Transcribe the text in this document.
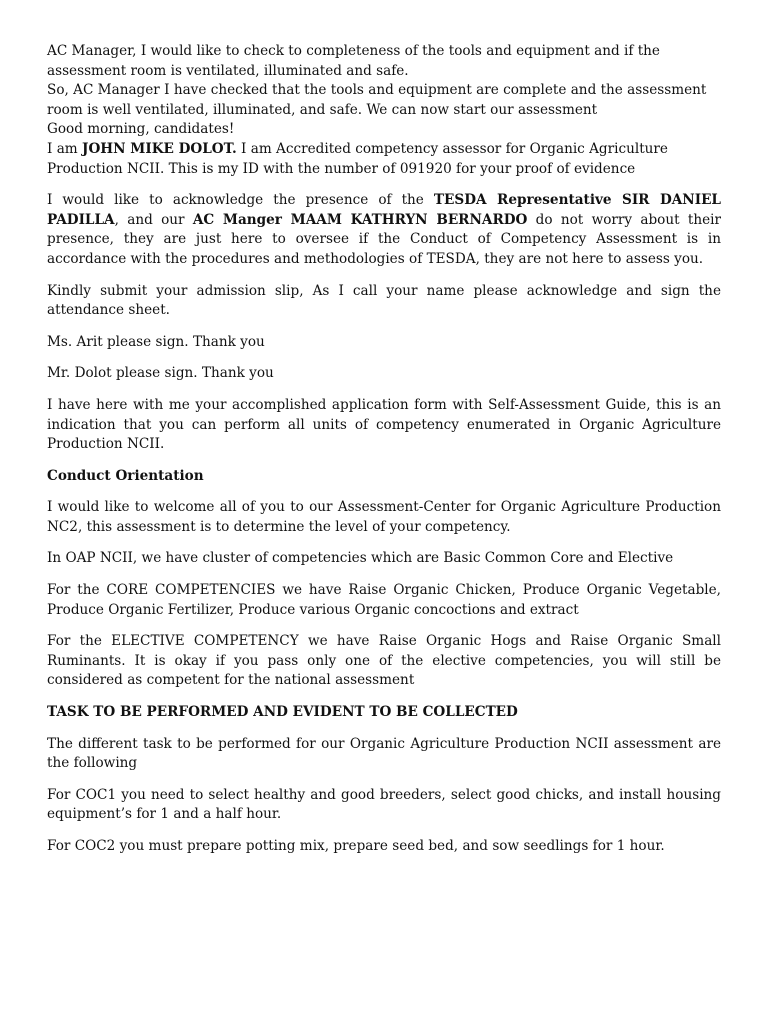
AC Manager, I would like to check to completeness of the tools and equipment and if the assessment room is ventilated, illuminated and safe.

So, AC Manager I have checked that the tools and equipment are complete and the assessment room is well ventilated, illuminated, and safe. We can now start our assessment

Good morning, candidates!

I am JOHN MIKE DOLOT. I am Accredited competency assessor for Organic Agriculture Production NCII. This is my ID with the number of 091920 for your proof of evidence

I would like to acknowledge the presence of the TESDA Representative SIR DANIEL PADILLA, and our AC Manger MAAM KATHRYN BERNARDO do not worry about their presence, they are just here to oversee if the Conduct of Competency Assessment is in accordance with the procedures and methodologies of TESDA, they are not here to assess you.

Kindly submit your admission slip, As I call your name please acknowledge and sign the attendance sheet.

Ms. Arit please sign. Thank you

Mr. Dolot please sign. Thank you

I have here with me your accomplished application form with Self-Assessment Guide, this is an indication that you can perform all units of competency enumerated in Organic Agriculture Production NCII.

Conduct Orientation

I would like to welcome all of you to our Assessment-Center for Organic Agriculture Production NC2, this assessment is to determine the level of your competency.

In OAP NCII, we have cluster of competencies which are Basic Common Core and Elective

For the CORE COMPETENCIES we have Raise Organic Chicken, Produce Organic Vegetable, Produce Organic Fertilizer, Produce various Organic concoctions and extract

For the ELECTIVE COMPETENCY we have Raise Organic Hogs and Raise Organic Small Ruminants. It is okay if you pass only one of the elective competencies, you will still be considered as competent for the national assessment

TASK TO BE PERFORMED AND EVIDENT TO BE COLLECTED

The different task to be performed for our Organic Agriculture Production NCII assessment are the following

For COC1 you need to select healthy and good breeders, select good chicks, and install housing equipment’s for 1 and a half hour.

For COC2 you must prepare potting mix, prepare seed bed, and sow seedlings for 1 hour.
